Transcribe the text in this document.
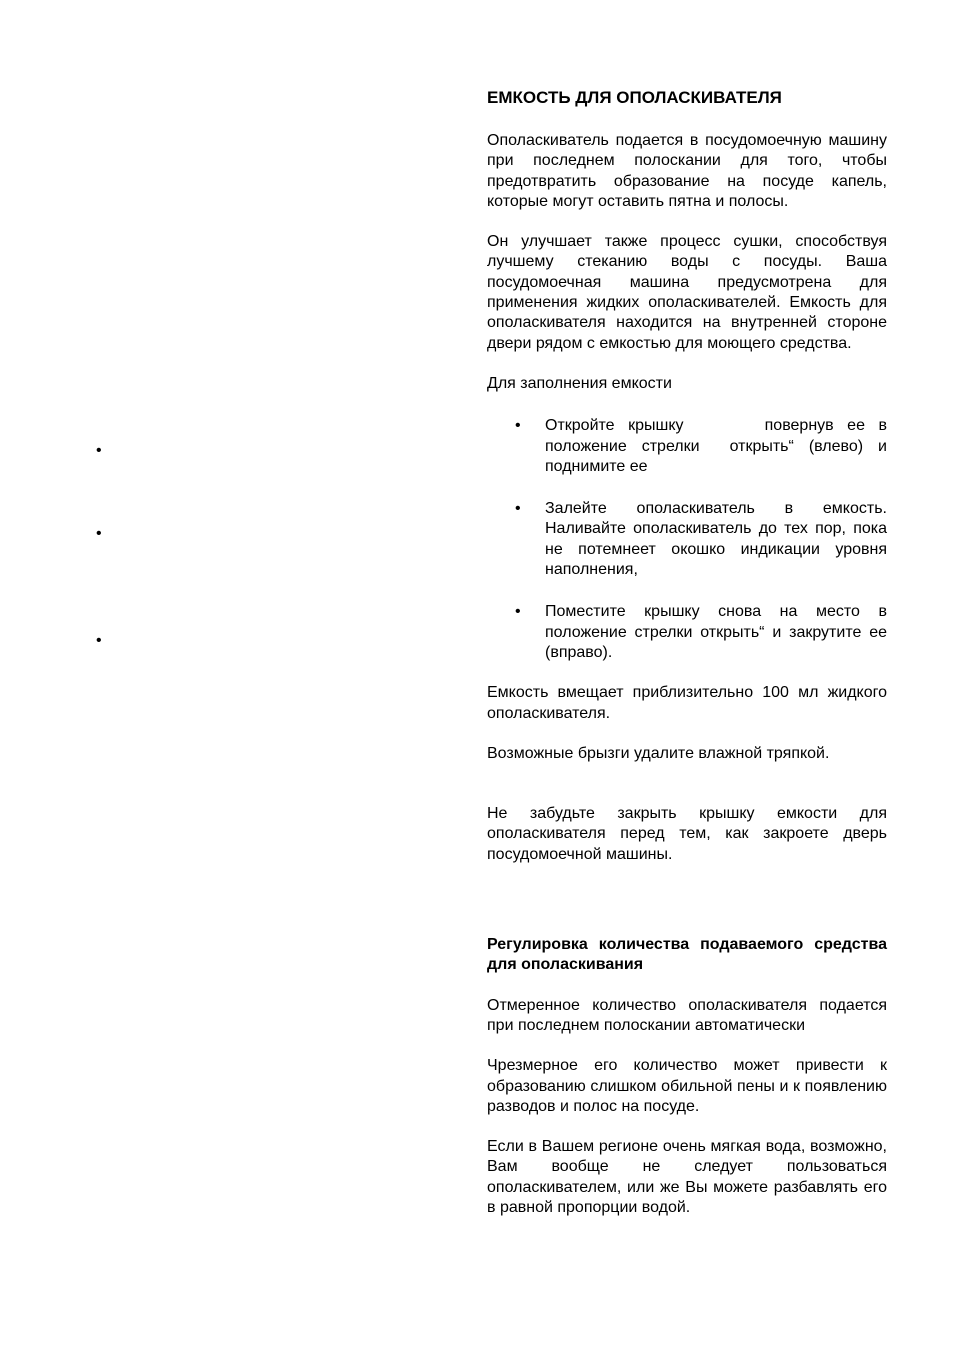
•
•
•
ЕМКОСТЬ ДЛЯ ОПОЛАСКИВАТЕЛЯ

Ополаскиватель подается в посудомоечную машину при последнем полоскании для того, чтобы предотвратить образование на посуде капель, которые могут оставить пятна и полосы.

Он улучшает также процесс сушки, способствуя лучшему стеканию воды с посуды. Ваша посудомоечная машина предусмотрена для применения жидких ополаскивателей. Емкость для ополаскивателя находится на внутренней стороне двери рядом с емкостью для моющего средства.

Для заполнения емкости

• Откройте крышку      повернув ее в положение стрелки  открыть“ (влево) и поднимите ее
• Залейте ополаскиватель в емкость. Наливайте ополаскиватель до тех пор, пока не потемнеет окошко индикации уровня наполнения,
• Поместите крышку снова на место в положение стрелки открыть“ и закрутите ее (вправо).

Емкость вмещает приблизительно 100 мл жидкого ополаскивателя.

Возможные брызги удалите влажной тряпкой.

Не забудьте закрыть крышку емкости для ополаскивателя перед тем, как закроете дверь посудомоечной машины.

Регулировка количества подаваемого средства для ополаскивания

Отмеренное количество ополаскивателя подается при последнем полоскании автоматически

Чрезмерное его количество может привести к образованию слишком обильной пены и к появлению разводов и полос на посуде.

Если в Вашем регионе очень мягкая вода, возможно, Вам вообще не следует пользоваться ополаскивателем, или же Вы можете разбавлять его в равной пропорции водой.
